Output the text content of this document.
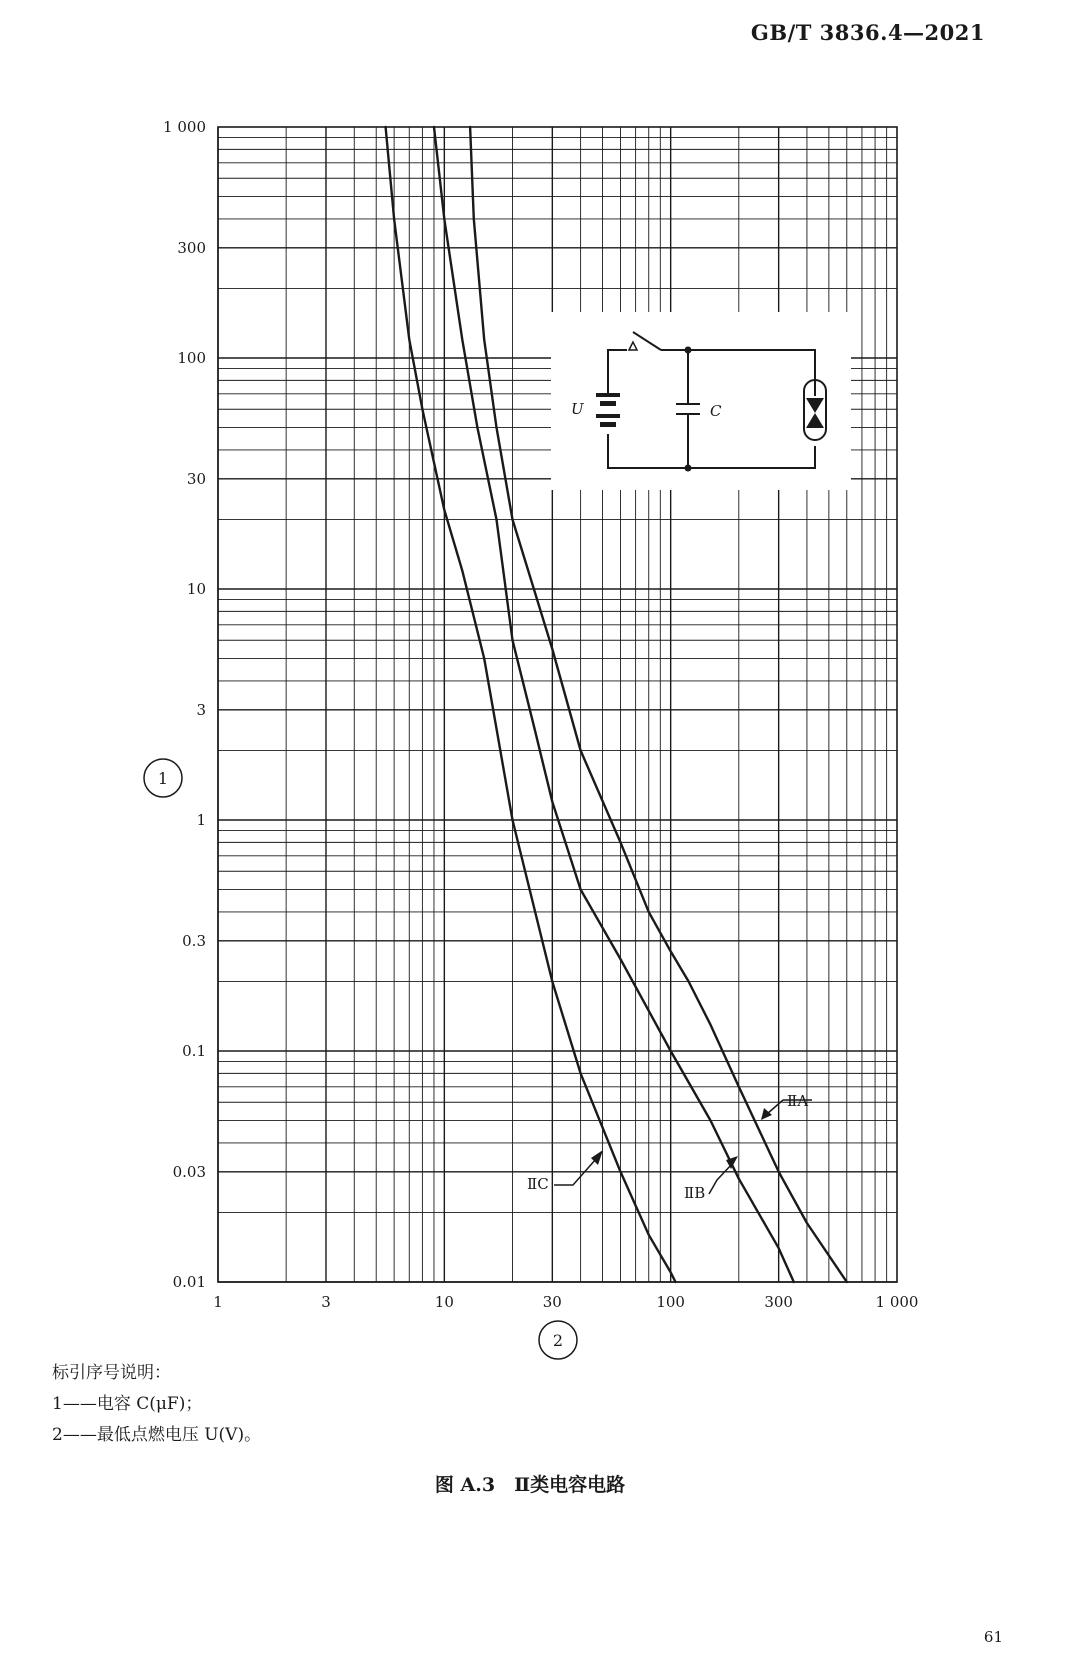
GB/T 3836.4—2021
1	3	10	30	100	300	1 000
0.01
0.03
0.1
0.3
1
3
10
30
100
300
1 000
U	C
ⅡA
ⅡB
ⅡC
1
2
标引序号说明：
1——电容 C(μF)；
2——最低点燃电压 U(V)。
图 A.3　Ⅱ类电容电路
61
